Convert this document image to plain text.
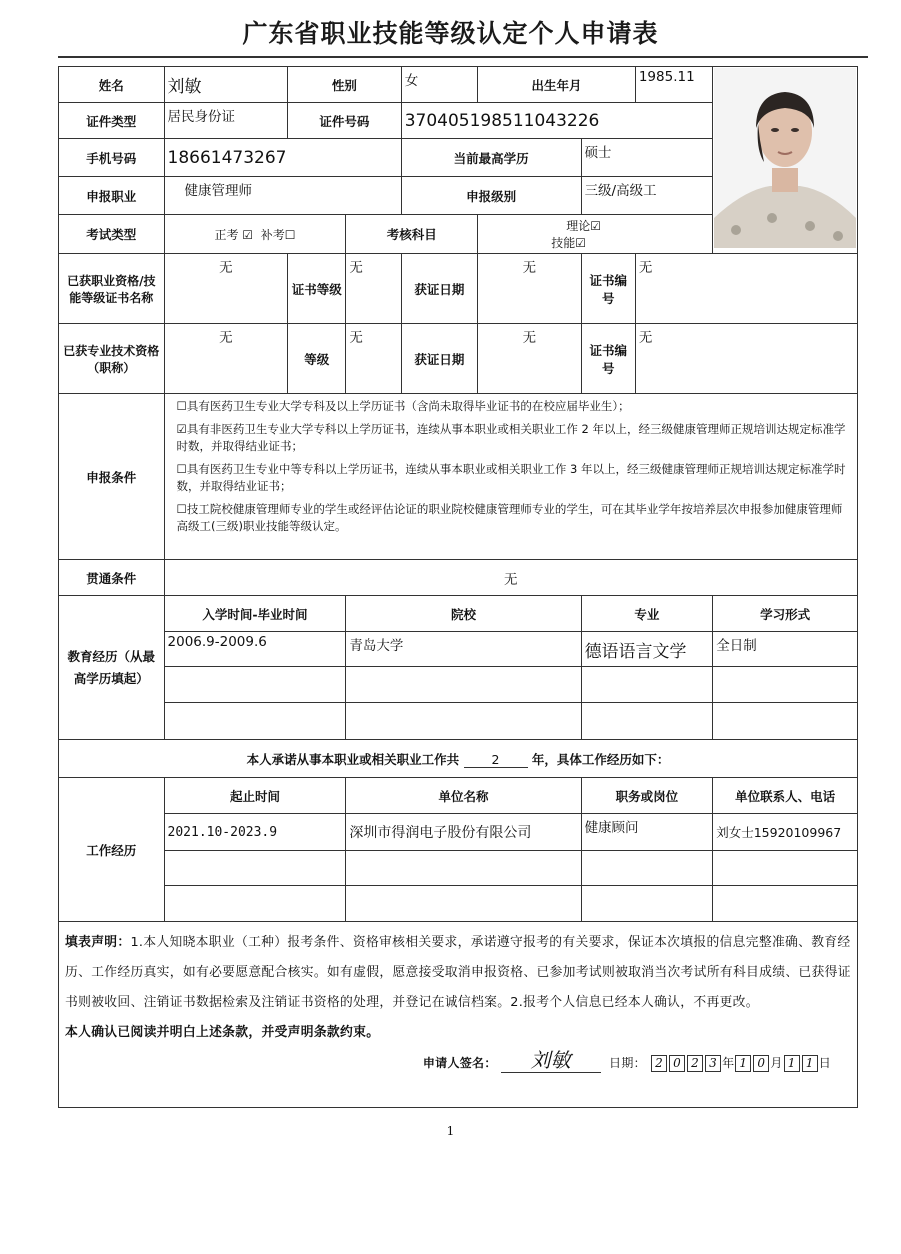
广东省职业技能等级认定个人申请表
姓名	刘敏	性别		女	出生年月		1985.11	
证件类型	居民身份证	证件号码		370405198511043226				
手机号码	18661473267			当前最高学历		硕士		
申报职业	健康管理师			申报级别		三级/高级工		
考试类型	正考 ☑ 补考☐		考核科目		理论☑ 技能☑			
已获职业资格/技能等级证书名称	无	证书等级	无	获证日期	无	证书编号	无	
已获专业技术资格（职称）	无	等级	无	获证日期	无	证书编号	无	
申报条件	☐具有医药卫生专业大学专科及以上学历证书（含尚未取得毕业证书的在校应届毕业生）；

☑具有非医药卫生专业大学专科以上学历证书，连续从事本职业或相关职业工作 2 年以上，经三级健康管理师正规培训达规定标准学时数，并取得结业证书；

☐具有医药卫生专业中等专科以上学历证书，连续从事本职业或相关职业工作 3 年以上，经三级健康管理师正规培训达规定标准学时数，并取得结业证书；

☐技工院校健康管理师专业的学生或经评估论证的职业院校健康管理师专业的学生，可在其毕业学年按培养层次申报参加健康管理师高级工(三级)职业技能等级认定。							

贯通条件	无							
教育经历（从最高学历填起）	入学时间-毕业时间		院校			专业		学习形式
	2006.9-2009.6		青岛大学			德语语言文学		全日制

本人承诺从事本职业或相关职业工作共 2 年，具体工作经历如下：								
工作经历	起止时间		单位名称			职务或岗位		单位联系人、电话
	2021.10-2023.9		深圳市得润电子股份有限公司			健康顾问		刘女士15920109967

填表声明：1.本人知晓本职业（工种）报考条件、资格审核相关要求，承诺遵守报考的有关要求，保证本次填报的信息完整准确、教育经历、工作经历真实，如有必要愿意配合核实。如有虚假，愿意接受取消申报资格、已参加考试则被取消当次考试所有科目成绩、已获得证书则被收回、注销证书数据检索及注销证书资格的处理，并登记在诚信档案。2.报考个人信息已经本人确认，不再更改。
本人确认已阅读并明白上述条款，并受声明条款约束。
申请人签名： 刘敏 日期： 2 0 2 3 年 1 0 月 1 1 日								
1
